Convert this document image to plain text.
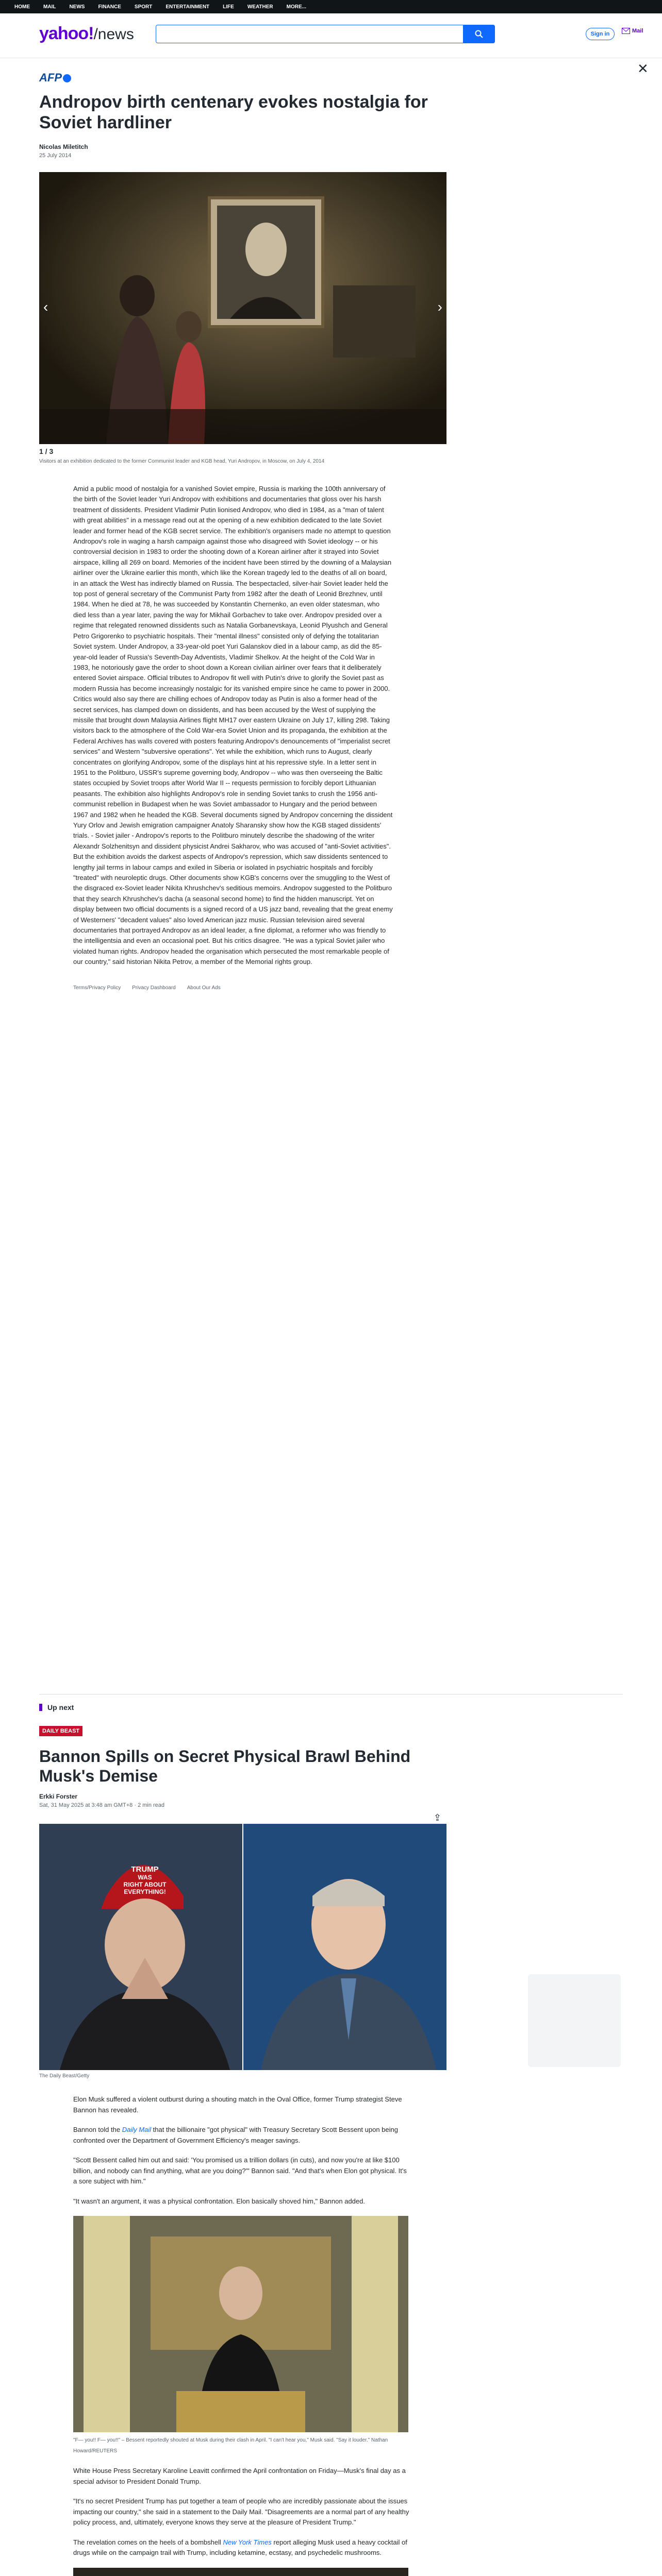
HOME	MAIL	NEWS	FINANCE	SPORT	ENTERTAINMENT	LIFE	WEATHER	MORE...
yahoo!/news	Sign in	Mail
✕
AFP
Andropov birth centenary evokes nostalgia for Soviet hardliner
Nicolas Miletitch
25 July 2014
‹	›
1 / 3
Visitors at an exhibition dedicated to the former Communist leader and KGB head, Yuri Andropov, in Moscow, on July 4, 2014
Amid a public mood of nostalgia for a vanished Soviet empire, Russia is marking the 100th anniversary of the birth of the Soviet leader Yuri Andropov with exhibitions and documentaries that gloss over his harsh treatment of dissidents. President Vladimir Putin lionised Andropov, who died in 1984, as a "man of talent with great abilities" in a message read out at the opening of a new exhibition dedicated to the late Soviet leader and former head of the KGB secret service. The exhibition's organisers made no attempt to question Andropov's role in waging a harsh campaign against those who disagreed with Soviet ideology -- or his controversial decision in 1983 to order the shooting down of a Korean airliner after it strayed into Soviet airspace, killing all 269 on board. Memories of the incident have been stirred by the downing of a Malaysian airliner over the Ukraine earlier this month, which like the Korean tragedy led to the deaths of all on board, in an attack the West has indirectly blamed on Russia. The bespectacled, silver-hair Soviet leader held the top post of general secretary of the Communist Party from 1982 after the death of Leonid Brezhnev, until 1984. When he died at 78, he was succeeded by Konstantin Chernenko, an even older statesman, who died less than a year later, paving the way for Mikhail Gorbachev to take over. Andropov presided over a regime that relegated renowned dissidents such as Natalia Gorbanevskaya, Leonid Plyushch and General Petro Grigorenko to psychiatric hospitals. Their "mental illness" consisted only of defying the totalitarian Soviet system. Under Andropov, a 33-year-old poet Yuri Galanskov died in a labour camp, as did the 85-year-old leader of Russia's Seventh-Day Adventists, Vladimir Shelkov. At the height of the Cold War in 1983, he notoriously gave the order to shoot down a Korean civilian airliner over fears that it deliberately entered Soviet airspace. Official tributes to Andropov fit well with Putin's drive to glorify the Soviet past as modern Russia has become increasingly nostalgic for its vanished empire since he came to power in 2000. Critics would also say there are chilling echoes of Andropov today as Putin is also a former head of the secret services, has clamped down on dissidents, and has been accused by the West of supplying the missile that brought down Malaysia Airlines flight MH17 over eastern Ukraine on July 17, killing 298. Taking visitors back to the atmosphere of the Cold War-era Soviet Union and its propaganda, the exhibition at the Federal Archives has walls covered with posters featuring Andropov's denouncements of "imperialist secret services" and Western "subversive operations". Yet while the exhibition, which runs to August, clearly concentrates on glorifying Andropov, some of the displays hint at his repressive style. In a letter sent in 1951 to the Politburo, USSR's supreme governing body, Andropov -- who was then overseeing the Baltic states occupied by Soviet troops after World War II -- requests permission to forcibly deport Lithuanian peasants. The exhibition also highlights Andropov's role in sending Soviet tanks to crush the 1956 anti-communist rebellion in Budapest when he was Soviet ambassador to Hungary and the period between 1967 and 1982 when he headed the KGB. Several documents signed by Andropov concerning the dissident Yury Orlov and Jewish emigration campaigner Anatoly Sharansky show how the KGB staged dissidents' trials. - Soviet jailer - Andropov's reports to the Politburo minutely describe the shadowing of the writer Alexandr Solzhenitsyn and dissident physicist Andrei Sakharov, who was accused of "anti-Soviet activities". But the exhibition avoids the darkest aspects of Andropov's repression, which saw dissidents sentenced to lengthy jail terms in labour camps and exiled in Siberia or isolated in psychiatric hospitals and forcibly "treated" with neuroleptic drugs. Other documents show KGB's concerns over the smuggling to the West of the disgraced ex-Soviet leader Nikita Khrushchev's seditious memoirs. Andropov suggested to the Politburo that they search Khrushchev's dacha (a seasonal second home) to find the hidden manuscript. Yet on display between two official documents is a signed record of a US jazz band, revealing that the great enemy of Westerners' "decadent values" also loved American jazz music. Russian television aired several documentaries that portrayed Andropov as an ideal leader, a fine diplomat, a reformer who was friendly to the intelligentsia and even an occasional poet. But his critics disagree. "He was a typical Soviet jailer who violated human rights. Andropov headed the organisation which persecuted the most remarkable people of our country," said historian Nikita Petrov, a member of the Memorial rights group.
Terms/Privacy Policy Privacy Dashboard About Our Ads
Up next
DAILY BEAST
Bannon Spills on Secret Physical Brawl Behind Musk's Demise
Erkki Forster
Sat, 31 May 2025 at 3:48 am GMT+8 · 2 min read
⇪
TRUMP
WAS
RIGHT ABOUT
EVERYTHING!
The Daily Beast/Getty

Elon Musk suffered a violent outburst during a shouting match in the Oval Office, former Trump strategist Steve Bannon has revealed.

Bannon told the Daily Mail that the billionaire "got physical" with Treasury Secretary Scott Bessent upon being confronted over the Department of Government Efficiency's meager savings.

"Scott Bessent called him out and said: 'You promised us a trillion dollars (in cuts), and now you're at like $100 billion, and nobody can find anything, what are you doing?'" Bannon said. "And that's when Elon got physical. It's a sore subject with him."

"It wasn't an argument, it was a physical confrontation. Elon basically shoved him," Bannon added.

"F— you!! F— you!!" – Bessent reportedly shouted at Musk during their clash in April. "I can't hear you," Musk said. "Say it louder." Nathan Howard/REUTERS

White House Press Secretary Karoline Leavitt confirmed the April confrontation on Friday—Musk's final day as a special advisor to President Donald Trump.

"It's no secret President Trump has put together a team of people who are incredibly passionate about the issues impacting our country," she said in a statement to the Daily Mail. "Disagreements are a normal part of any healthy policy process, and, ultimately, everyone knows they serve at the pleasure of President Trump."

The revelation comes on the heels of a bombshell New York Times report alleging Musk used a heavy cocktail of drugs while on the campaign trail with Trump, including ketamine, ecstasy, and psychedelic mushrooms.
